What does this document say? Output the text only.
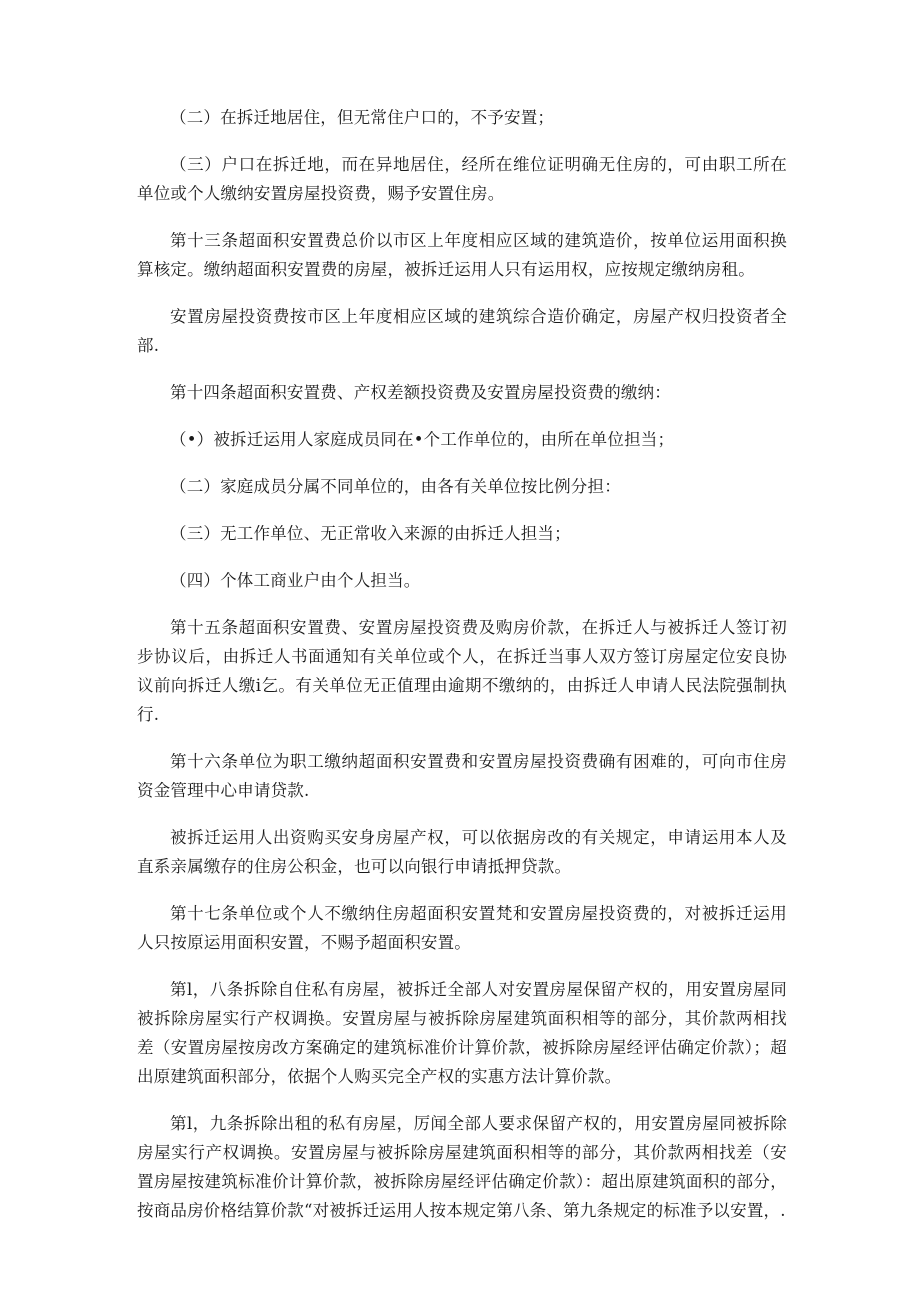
（二）在拆迁地居住，但无常住户口的，不予安置；

（三）户口在拆迁地，而在异地居住，经所在维位证明确无住房的，可由职工所在单位或个人缴纳安置房屋投资费，赐予安置住房。

第十三条超面积安置费总价以市区上年度相应区域的建筑造价，按单位运用面积换算核定。缴纳超面积安置费的房屋，被拆迁运用人只有运用权，应按规定缴纳房租。

安置房屋投资费按市区上年度相应区域的建筑综合造价确定，房屋产权归投资者全部.

第十四条超面积安置费、产权差额投资费及安置房屋投资费的缴纳：

（•）被拆迁运用人家庭成员同在•个工作单位的，由所在单位担当；

（二）家庭成员分属不同单位的，由各有关单位按比例分担：

（三）无工作单位、无正常收入来源的由拆迁人担当；

（四）个体工商业户由个人担当。

第十五条超面积安置费、安置房屋投资费及购房价款，在拆迁人与被拆迁人签订初步协议后，由拆迁人书面通知有关单位或个人，在拆迁当事人双方签订房屋定位安良协议前向拆迁人缴i乞。有关单位无正值理由逾期不缴纳的，由拆迁人申请人民法院强制执行.

第十六条单位为职工缴纳超面积安置费和安置房屋投资费确有困难的，可向市住房资金管理中心申请贷款.

被拆迁运用人出资购买安身房屋产权，可以依据房改的有关规定，申请运用本人及直系亲属缴存的住房公积金，也可以向银行申请抵押贷款。

第十七条单位或个人不缴纳住房超面积安置梵和安置房屋投资费的，对被拆迁运用人只按原运用面积安置，不赐予超面积安置。

第l，八条拆除自住私有房屋，被拆迁全部人对安置房屋保留产权的，用安置房屋同被拆除房屋实行产权调换。安置房屋与被拆除房屋建筑面积相等的部分，其价款两相找差（安置房屋按房改方案确定的建筑标准价计算价款，被拆除房屋经评估确定价款）；超出原建筑面积部分，依据个人购买完全产权的实惠方法计算价款。

第l，九条拆除出租的私有房屋，厉闻全部人要求保留产权的，用安置房屋同被拆除房屋实行产权调换。安置房屋与被拆除房屋建筑面积相等的部分，其价款两相找差（安置房屋按建筑标准价计算价款，被拆除房屋经评估确定价款）：超出原建筑面积的部分，按商品房价格结算价款“对被拆迁运用人按本规定第八条、第九条规定的标准予以安置，.
